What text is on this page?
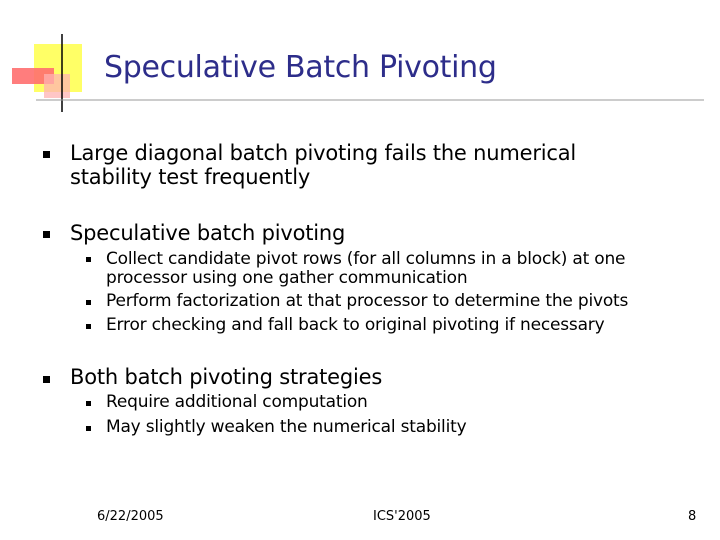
Speculative Batch Pivoting
Large diagonal batch pivoting fails the numerical
stability test frequently
Speculative batch pivoting
Collect candidate pivot rows (for all columns in a block) at one
processor using one gather communication
Perform factorization at that processor to determine the pivots
Error checking and fall back to original pivoting if necessary
Both batch pivoting strategies
Require additional computation
May slightly weaken the numerical stability
6/22/2005	ICS'2005	8
